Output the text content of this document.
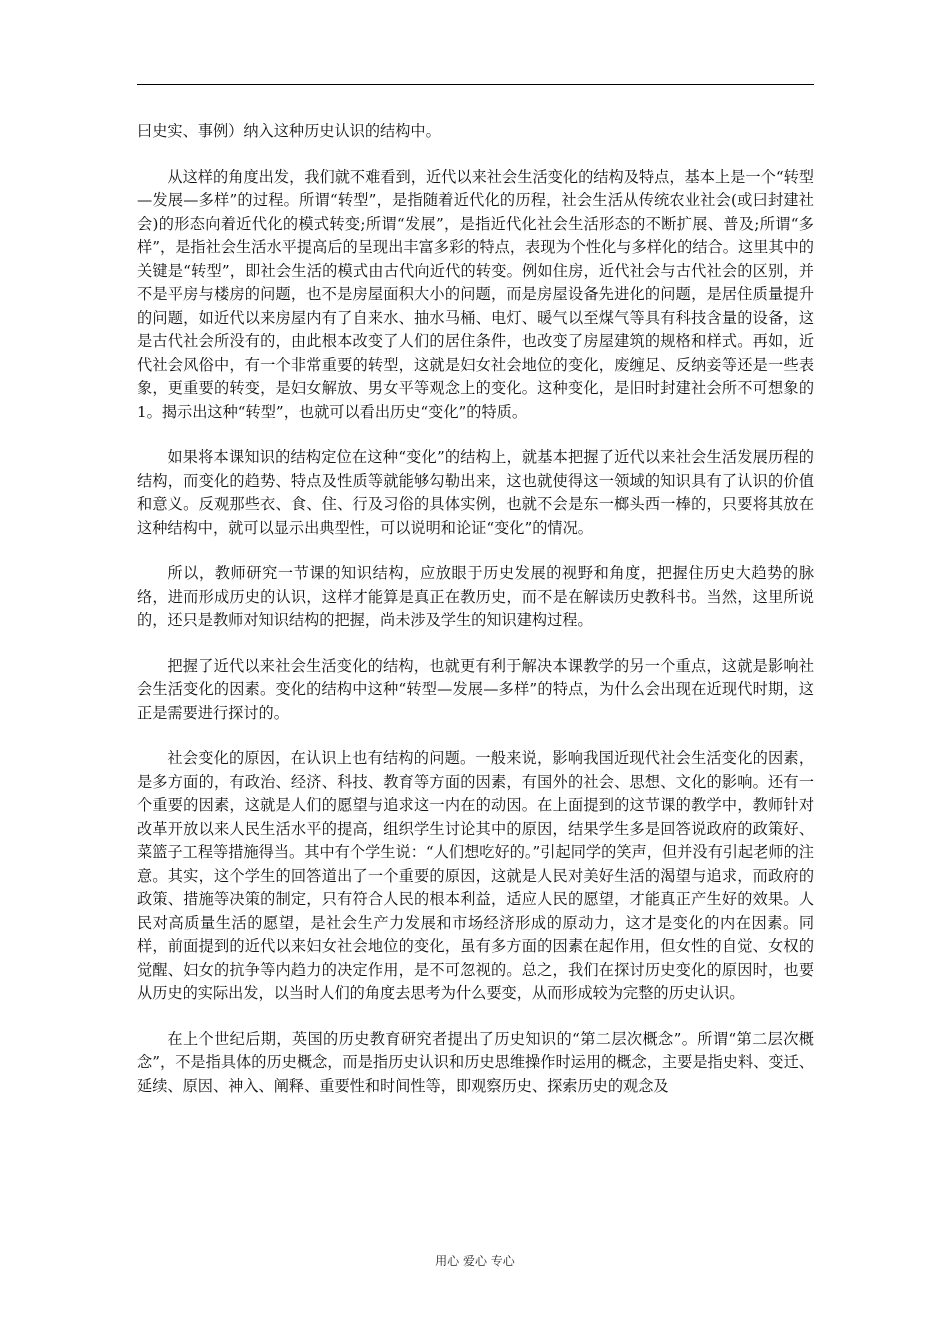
曰史实、事例）纳入这种历史认识的结构中。

从这样的角度出发，我们就不难看到，近代以来社会生活变化的结构及特点，基本上是一个“转型—发展—多样”的过程。所谓“转型”，是指随着近代化的历程，社会生活从传统农业社会(或曰封建社会)的形态向着近代化的模式转变;所谓“发展”，是指近代化社会生活形态的不断扩展、普及;所谓“多样”，是指社会生活水平提高后的呈现出丰富多彩的特点，表现为个性化与多样化的结合。这里其中的关键是“转型”，即社会生活的模式由古代向近代的转变。例如住房，近代社会与古代社会的区别，并不是平房与楼房的问题，也不是房屋面积大小的问题，而是房屋设备先进化的问题，是居住质量提升的问题，如近代以来房屋内有了自来水、抽水马桶、电灯、暖气以至煤气等具有科技含量的设备，这是古代社会所没有的，由此根本改变了人们的居住条件，也改变了房屋建筑的规格和样式。再如，近代社会风俗中，有一个非常重要的转型，这就是妇女社会地位的变化，废缠足、反纳妾等还是一些表象，更重要的转变，是妇女解放、男女平等观念上的变化。这种变化，是旧时封建社会所不可想象的1。揭示出这种“转型”，也就可以看出历史“变化”的特质。

如果将本课知识的结构定位在这种“变化”的结构上，就基本把握了近代以来社会生活发展历程的结构，而变化的趋势、特点及性质等就能够勾勒出来，这也就使得这一领域的知识具有了认识的价值和意义。反观那些衣、食、住、行及习俗的具体实例，也就不会是东一榔头西一棒的，只要将其放在这种结构中，就可以显示出典型性，可以说明和论证“变化”的情况。

所以，教师研究一节课的知识结构，应放眼于历史发展的视野和角度，把握住历史大趋势的脉络，进而形成历史的认识，这样才能算是真正在教历史，而不是在解读历史教科书。当然，这里所说的，还只是教师对知识结构的把握，尚未涉及学生的知识建构过程。

把握了近代以来社会生活变化的结构，也就更有利于解决本课教学的另一个重点，这就是影响社会生活变化的因素。变化的结构中这种“转型—发展—多样”的特点，为什么会出现在近现代时期，这正是需要进行探讨的。

社会变化的原因，在认识上也有结构的问题。一般来说，影响我国近现代社会生活变化的因素，是多方面的，有政治、经济、科技、教育等方面的因素，有国外的社会、思想、文化的影响。还有一个重要的因素，这就是人们的愿望与追求这一内在的动因。在上面提到的这节课的教学中，教师针对改革开放以来人民生活水平的提高，组织学生讨论其中的原因，结果学生多是回答说政府的政策好、菜篮子工程等措施得当。其中有个学生说：“人们想吃好的。”引起同学的笑声，但并没有引起老师的注意。其实，这个学生的回答道出了一个重要的原因，这就是人民对美好生活的渴望与追求，而政府的政策、措施等决策的制定，只有符合人民的根本利益，适应人民的愿望，才能真正产生好的效果。人民对高质量生活的愿望，是社会生产力发展和市场经济形成的原动力，这才是变化的内在因素。同样，前面提到的近代以来妇女社会地位的变化，虽有多方面的因素在起作用，但女性的自觉、女权的觉醒、妇女的抗争等内趋力的决定作用，是不可忽视的。总之，我们在探讨历史变化的原因时，也要从历史的实际出发，以当时人们的角度去思考为什么要变，从而形成较为完整的历史认识。

在上个世纪后期，英国的历史教育研究者提出了历史知识的“第二层次概念”。所谓“第二层次概念”，不是指具体的历史概念，而是指历史认识和历史思维操作时运用的概念，主要是指史料、变迁、延续、原因、神入、阐释、重要性和时间性等，即观察历史、探索历史的观念及

用心 爱心 专心
